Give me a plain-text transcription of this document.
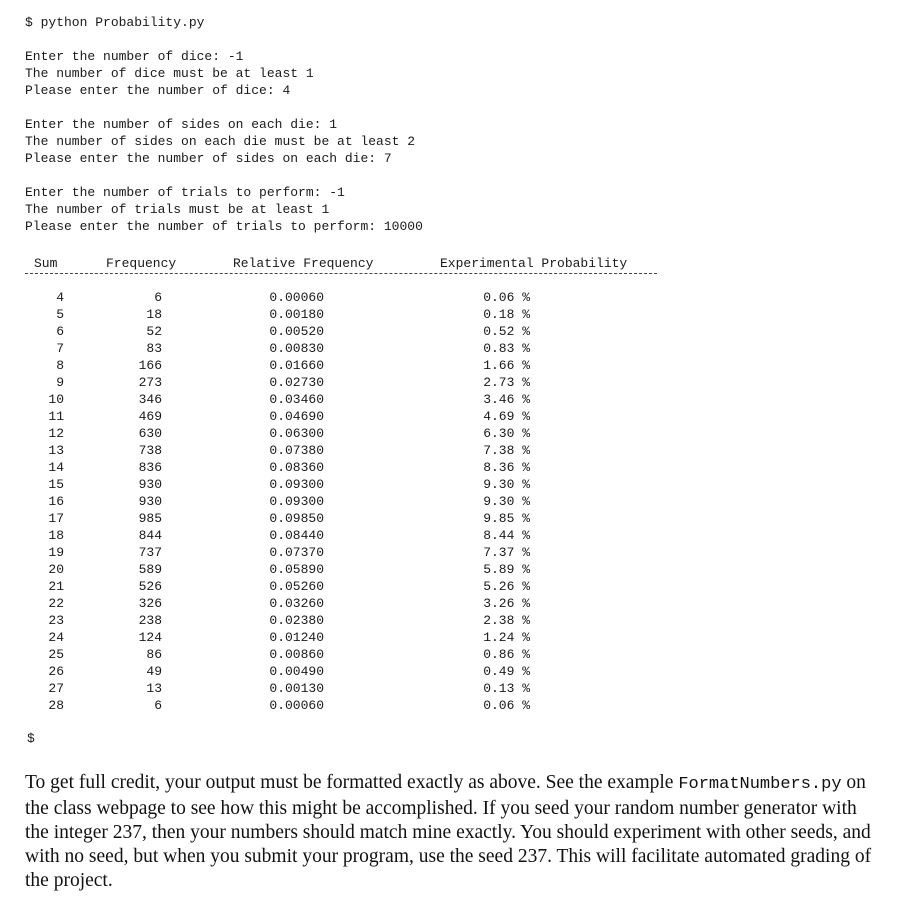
$ python Probability.py
Enter the number of dice: -1
The number of dice must be at least 1
Please enter the number of dice: 4
Enter the number of sides on each die: 1
The number of sides on each die must be at least 2
Please enter the number of sides on each die: 7
Enter the number of trials to perform: -1
The number of trials must be at least 1
Please enter the number of trials to perform: 10000
Sum	Frequency	Relative Frequency	Experimental Probability
4	6	0.00060	0.06 %
5	18	0.00180	0.18 %
6	52	0.00520	0.52 %
7	83	0.00830	0.83 %
8	166	0.01660	1.66 %
9	273	0.02730	2.73 %
10	346	0.03460	3.46 %
11	469	0.04690	4.69 %
12	630	0.06300	6.30 %
13	738	0.07380	7.38 %
14	836	0.08360	8.36 %
15	930	0.09300	9.30 %
16	930	0.09300	9.30 %
17	985	0.09850	9.85 %
18	844	0.08440	8.44 %
19	737	0.07370	7.37 %
20	589	0.05890	5.89 %
21	526	0.05260	5.26 %
22	326	0.03260	3.26 %
23	238	0.02380	2.38 %
24	124	0.01240	1.24 %
25	86	0.00860	0.86 %
26	49	0.00490	0.49 %
27	13	0.00130	0.13 %
28	6	0.00060	0.06 %
$
To get full credit, your output must be formatted exactly as above. See the example FormatNumbers.py on the class webpage to see how this might be accomplished. If you seed your random number generator with the integer 237, then your numbers should match mine exactly. You should experiment with other seeds, and with no seed, but when you submit your program, use the seed 237. This will facilitate automated grading of the project.
